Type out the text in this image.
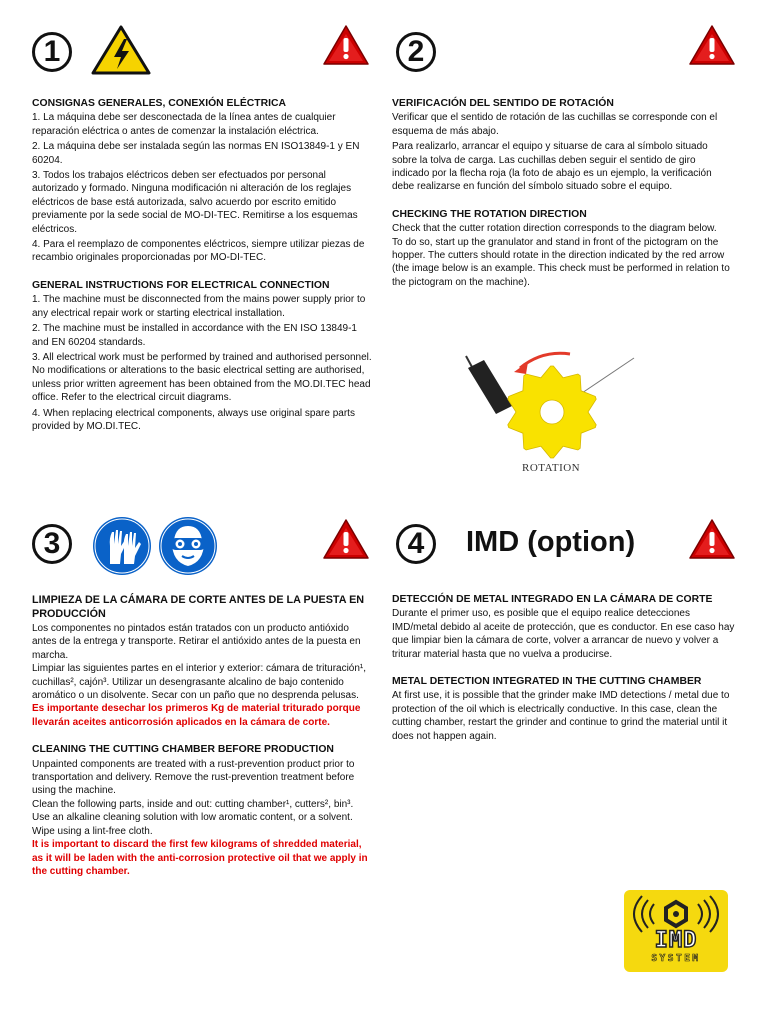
1
CONSIGNAS GENERALES, CONEXIÓN ELÉCTRICA

1. La máquina debe ser desconectada de la línea antes de cualquier reparación eléctrica o antes de comenzar la instalación eléctrica.

2. La máquina debe ser instalada según las normas EN ISO13849-1 y EN 60204.

3. Todos los trabajos eléctricos deben ser efectuados por personal autorizado y formado. Ninguna modificación ni alteración de los reglajes eléctricos de base está autorizada, salvo acuerdo por escrito emitido previamente por la sede social de MO-DI-TEC. Remitirse a los esquemas eléctricos.

4. Para el reemplazo de componentes eléctricos, siempre utilizar piezas de recambio originales proporcionadas por MO-DI-TEC.

GENERAL INSTRUCTIONS FOR ELECTRICAL CONNECTION

1. The machine must be disconnected from the mains power supply prior to any electrical repair work or starting electrical installation.

2. The machine must be installed in accordance with the EN ISO 13849-1 and EN 60204 standards.

3. All electrical work must be performed by trained and authorised personnel. No modifications or alterations to the basic electrical setting are authorised, unless prior written agreement has been obtained from the MO.DI.TEC head office. Refer to the electrical circuit diagrams.

4. When replacing electrical components, always use original spare parts provided by MO.DI.TEC.

2
VERIFICACIÓN DEL SENTIDO DE ROTACIÓN

Verificar que el sentido de rotación de las cuchillas se corresponde con el esquema de más abajo.

Para realizarlo, arrancar el equipo y situarse de cara al símbolo situado sobre la tolva de carga. Las cuchillas deben seguir el sentido de giro indicado por la flecha roja (la foto de abajo es un ejemplo, la verificación debe realizarse en función del símbolo situado sobre el equipo.

CHECKING THE ROTATION DIRECTION

Check that the cutter rotation direction corresponds to the diagram below.

To do so, start up the granulator and stand in front of the pictogram on the hopper. The cutters should rotate in the direction indicated by the red arrow (the image below is an example. This check must be performed in relation to the pictogram on the machine).

ROTATION
3
LIMPIEZA DE LA CÁMARA DE CORTE ANTES DE LA PUESTA EN PRODUCCIÓN

Los componentes no pintados están tratados con un producto antióxido antes de la entrega y transporte. Retirar el antióxido antes de la puesta en marcha.

Limpiar las siguientes partes en el interior y exterior: cámara de trituración¹, cuchillas², cajón³. Utilizar un desengrasante alcalino de bajo contenido aromático o un disolvente. Secar con un paño que no desprenda pelusas.

Es importante desechar los primeros Kg de material triturado porque llevarán aceites anticorrosión aplicados en la cámara de corte.

CLEANING THE CUTTING CHAMBER BEFORE PRODUCTION

Unpainted components are treated with a rust-prevention product prior to transportation and delivery. Remove the rust-prevention treatment before using the machine.

Clean the following parts, inside and out: cutting chamber¹, cutters², bin³. Use an alkaline cleaning solution with low aromatic content, or a solvent. Wipe using a lint-free cloth.

It is important to discard the first few kilograms of shredded material, as it will be laden with the anti-corrosion protective oil that we apply in the cutting chamber.

4 IMD (option)
DETECCIÓN DE METAL INTEGRADO EN LA CÁMARA DE CORTE

Durante el primer uso, es posible que el equipo realice detecciones IMD/metal debido al aceite de protección, que es conductor. En ese caso hay que limpiar bien la cámara de corte, volver a arrancar de nuevo y volver a triturar material hasta que no vuelva a producirse.

METAL DETECTION INTEGRATED IN THE CUTTING CHAMBER

At first use, it is possible that the grinder make IMD detections / metal due to protection of the oil which is electrically conductive. In this case, clean the cutting chamber, restart the grinder and continue to grind the material until it does not happen again.

IMD
SYSTEM
